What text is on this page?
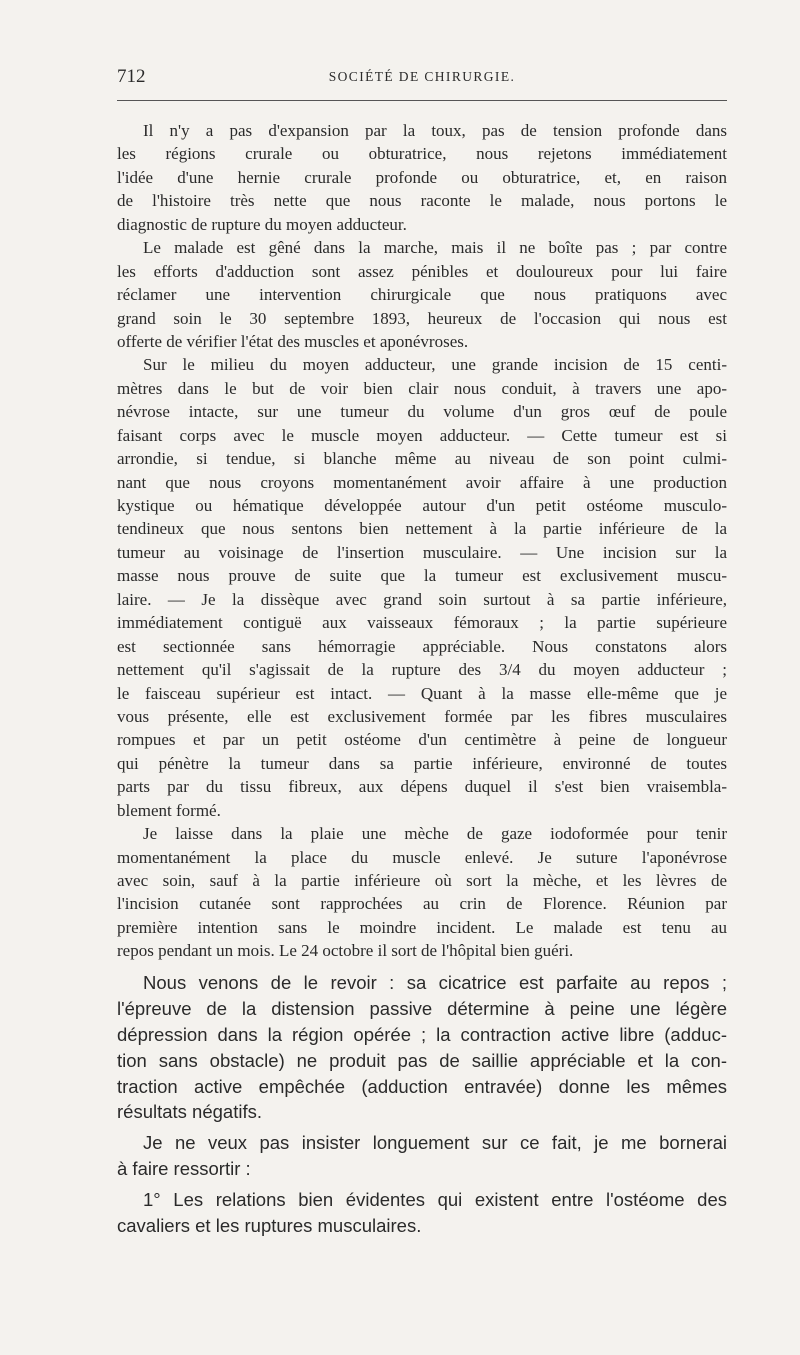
712	SOCIÉTÉ DE CHIRURGIE.
Il n'y a pas d'expansion par la toux, pas de tension profonde dans
les régions crurale ou obturatrice, nous rejetons immédiatement
l'idée d'une hernie crurale profonde ou obturatrice, et, en raison
de l'histoire très nette que nous raconte le malade, nous portons le
diagnostic de rupture du moyen adducteur.
Le malade est gêné dans la marche, mais il ne boîte pas ; par contre
les efforts d'adduction sont assez pénibles et douloureux pour lui faire
réclamer une intervention chirurgicale que nous pratiquons avec
grand soin le 30 septembre 1893, heureux de l'occasion qui nous est
offerte de vérifier l'état des muscles et aponévroses.
Sur le milieu du moyen adducteur, une grande incision de 15 centi-
mètres dans le but de voir bien clair nous conduit, à travers une apo-
névrose intacte, sur une tumeur du volume d'un gros œuf de poule
faisant corps avec le muscle moyen adducteur. — Cette tumeur est si
arrondie, si tendue, si blanche même au niveau de son point culmi-
nant que nous croyons momentanément avoir affaire à une production
kystique ou hématique développée autour d'un petit ostéome musculo-
tendineux que nous sentons bien nettement à la partie inférieure de la
tumeur au voisinage de l'insertion musculaire. — Une incision sur la
masse nous prouve de suite que la tumeur est exclusivement muscu-
laire. — Je la dissèque avec grand soin surtout à sa partie inférieure,
immédiatement contiguë aux vaisseaux fémoraux ; la partie supérieure
est sectionnée sans hémorragie appréciable. Nous constatons alors
nettement qu'il s'agissait de la rupture des 3/4 du moyen adducteur ;
le faisceau supérieur est intact. — Quant à la masse elle-même que je
vous présente, elle est exclusivement formée par les fibres musculaires
rompues et par un petit ostéome d'un centimètre à peine de longueur
qui pénètre la tumeur dans sa partie inférieure, environné de toutes
parts par du tissu fibreux, aux dépens duquel il s'est bien vraisembla-
blement formé.
Je laisse dans la plaie une mèche de gaze iodoformée pour tenir
momentanément la place du muscle enlevé. Je suture l'aponévrose
avec soin, sauf à la partie inférieure où sort la mèche, et les lèvres de
l'incision cutanée sont rapprochées au crin de Florence. Réunion par
première intention sans le moindre incident. Le malade est tenu au
repos pendant un mois. Le 24 octobre il sort de l'hôpital bien guéri.
Nous venons de le revoir : sa cicatrice est parfaite au repos ;
l'épreuve de la distension passive détermine à peine une légère
dépression dans la région opérée ; la contraction active libre (adduc-
tion sans obstacle) ne produit pas de saillie appréciable et la con-
traction active empêchée (adduction entravée) donne les mêmes
résultats négatifs.
Je ne veux pas insister longuement sur ce fait, je me bornerai
à faire ressortir :
1° Les relations bien évidentes qui existent entre l'ostéome des
cavaliers et les ruptures musculaires.
